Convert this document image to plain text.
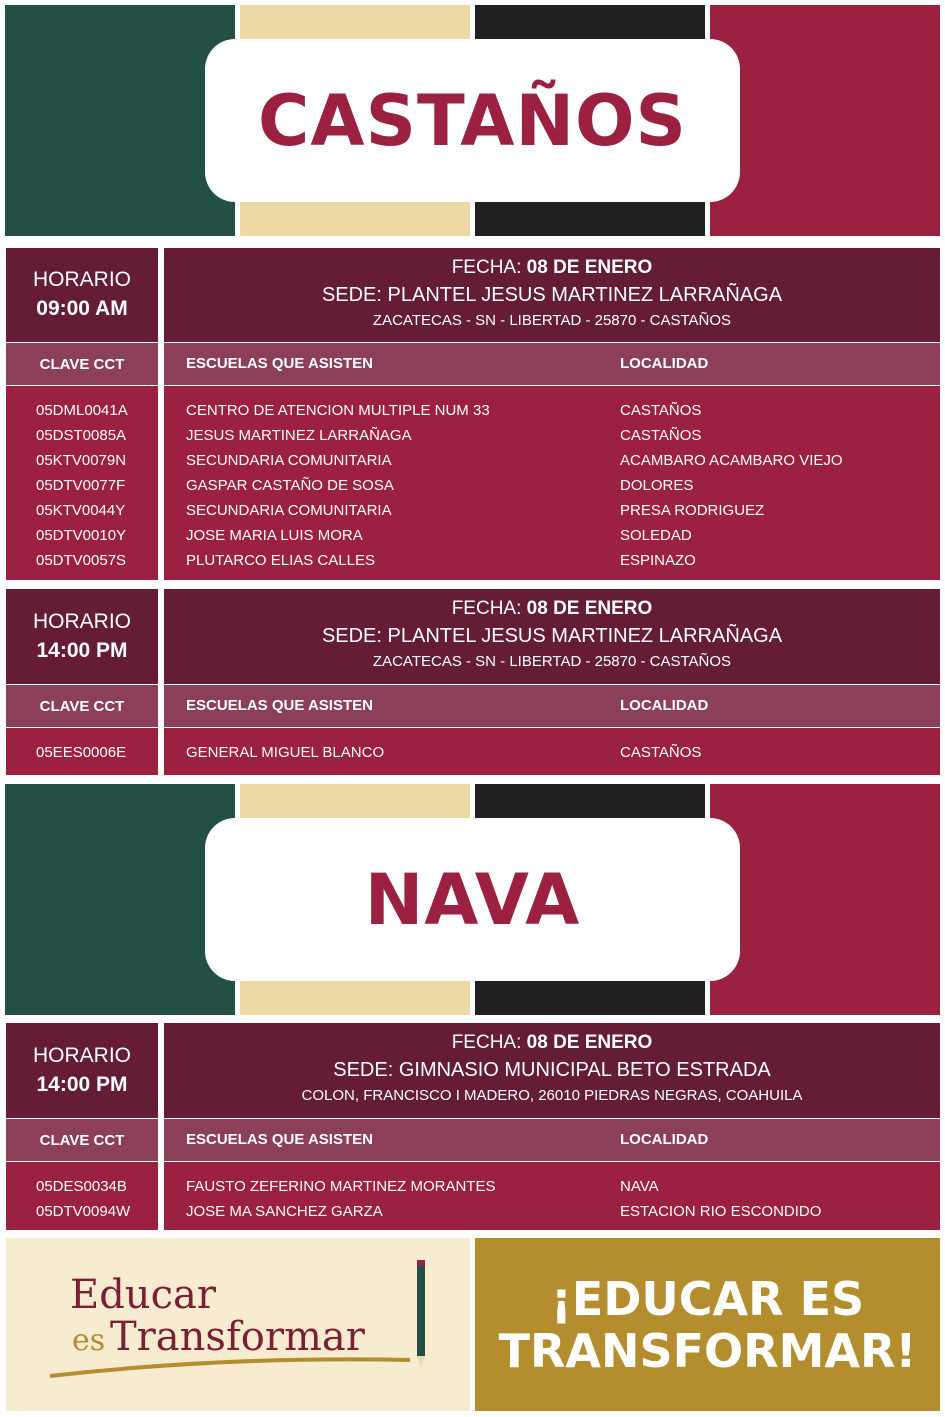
CASTAÑOS
HORARIO
09:00 AM
FECHA: 08 DE ENERO
SEDE: PLANTEL JESUS MARTINEZ LARRAÑAGA
ZACATECAS - SN - LIBERTAD - 25870 - CASTAÑOS
CLAVE CCT	ESCUELAS QUE ASISTEN	LOCALIDAD
05DML0041A	CENTRO DE ATENCION MULTIPLE NUM 33	CASTAÑOS
05DST0085A	JESUS MARTINEZ LARRAÑAGA	CASTAÑOS
05KTV0079N	SECUNDARIA COMUNITARIA	ACAMBARO ACAMBARO VIEJO
05DTV0077F	GASPAR CASTAÑO DE SOSA	DOLORES
05KTV0044Y	SECUNDARIA COMUNITARIA	PRESA RODRIGUEZ
05DTV0010Y	JOSE MARIA LUIS MORA	SOLEDAD
05DTV0057S	PLUTARCO ELIAS CALLES	ESPINAZO
HORARIO
14:00 PM
FECHA: 08 DE ENERO
SEDE: PLANTEL JESUS MARTINEZ LARRAÑAGA
ZACATECAS - SN - LIBERTAD - 25870 - CASTAÑOS
CLAVE CCT	ESCUELAS QUE ASISTEN	LOCALIDAD
05EES0006E	GENERAL MIGUEL BLANCO	CASTAÑOS
NAVA
HORARIO
14:00 PM
FECHA: 08 DE ENERO
SEDE: GIMNASIO MUNICIPAL BETO ESTRADA
COLON, FRANCISCO I MADERO, 26010 PIEDRAS NEGRAS, COAHUILA
CLAVE CCT	ESCUELAS QUE ASISTEN	LOCALIDAD
05DES0034B	FAUSTO ZEFERINO MARTINEZ MORANTES	NAVA
05DTV0094W	JOSE MA SANCHEZ GARZA	ESTACION RIO ESCONDIDO
Educar
es Transformar
¡EDUCAR ES
TRANSFORMAR!
